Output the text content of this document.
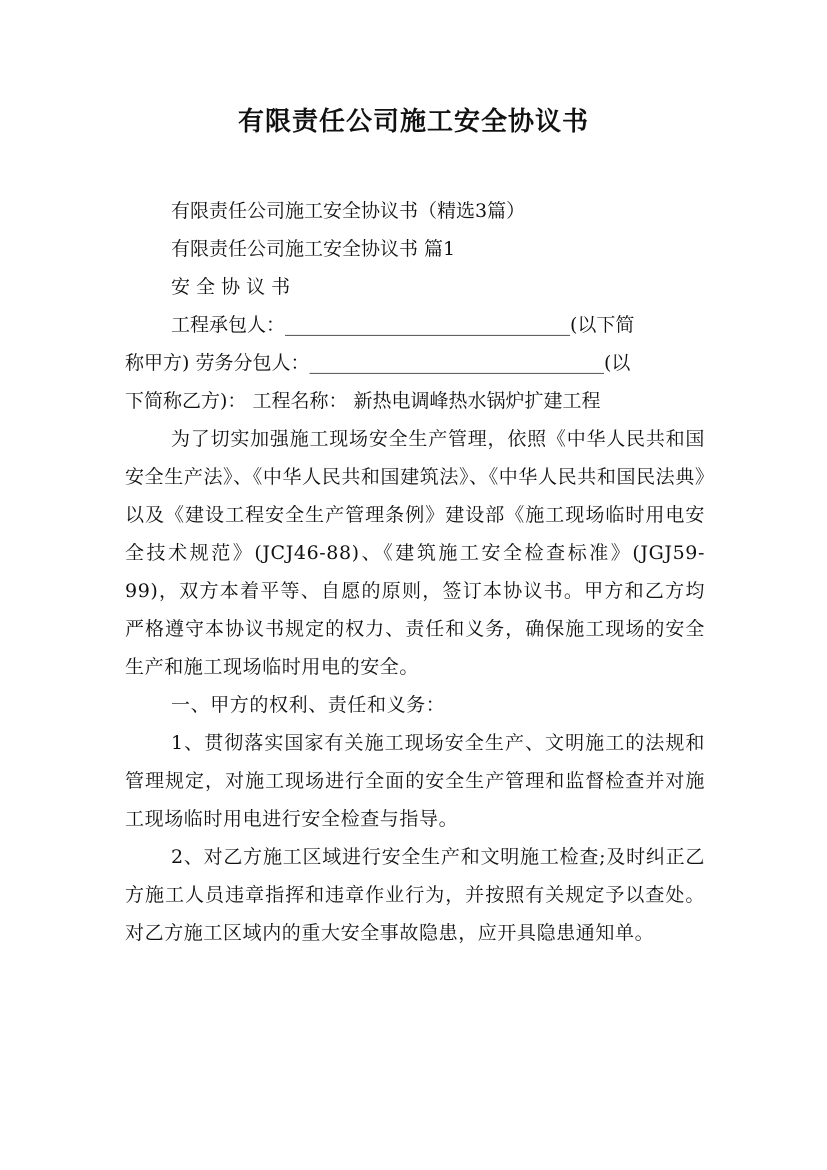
有限责任公司施工安全协议书

有限责任公司施工安全协议书（精选3篇）

有限责任公司施工安全协议书 篇1

安 全 协 议 书

工程承包人：______________________________(以下简

称甲方) 劳务分包人：_______________________________(以

下简称乙方)： 工程名称： 新热电调峰热水锅炉扩建工程

为了切实加强施工现场安全生产管理，依照《中华人民共和国安全生产法》、《中华人民共和国建筑法》、《中华人民共和国民法典》以及《建设工程安全生产管理条例》建设部《施工现场临时用电安全技术规范》(JCJ46-88)、《建筑施工安全检查标准》(JGJ59-99)，双方本着平等、自愿的原则，签订本协议书。甲方和乙方均严格遵守本协议书规定的权力、责任和义务，确保施工现场的安全生产和施工现场临时用电的安全。

一、甲方的权利、责任和义务：

1、贯彻落实国家有关施工现场安全生产、文明施工的法规和管理规定，对施工现场进行全面的安全生产管理和监督检查并对施工现场临时用电进行安全检查与指导。

2、对乙方施工区域进行安全生产和文明施工检查;及时纠正乙方施工人员违章指挥和违章作业行为，并按照有关规定予以查处。对乙方施工区域内的重大安全事故隐患，应开具隐患通知单。
